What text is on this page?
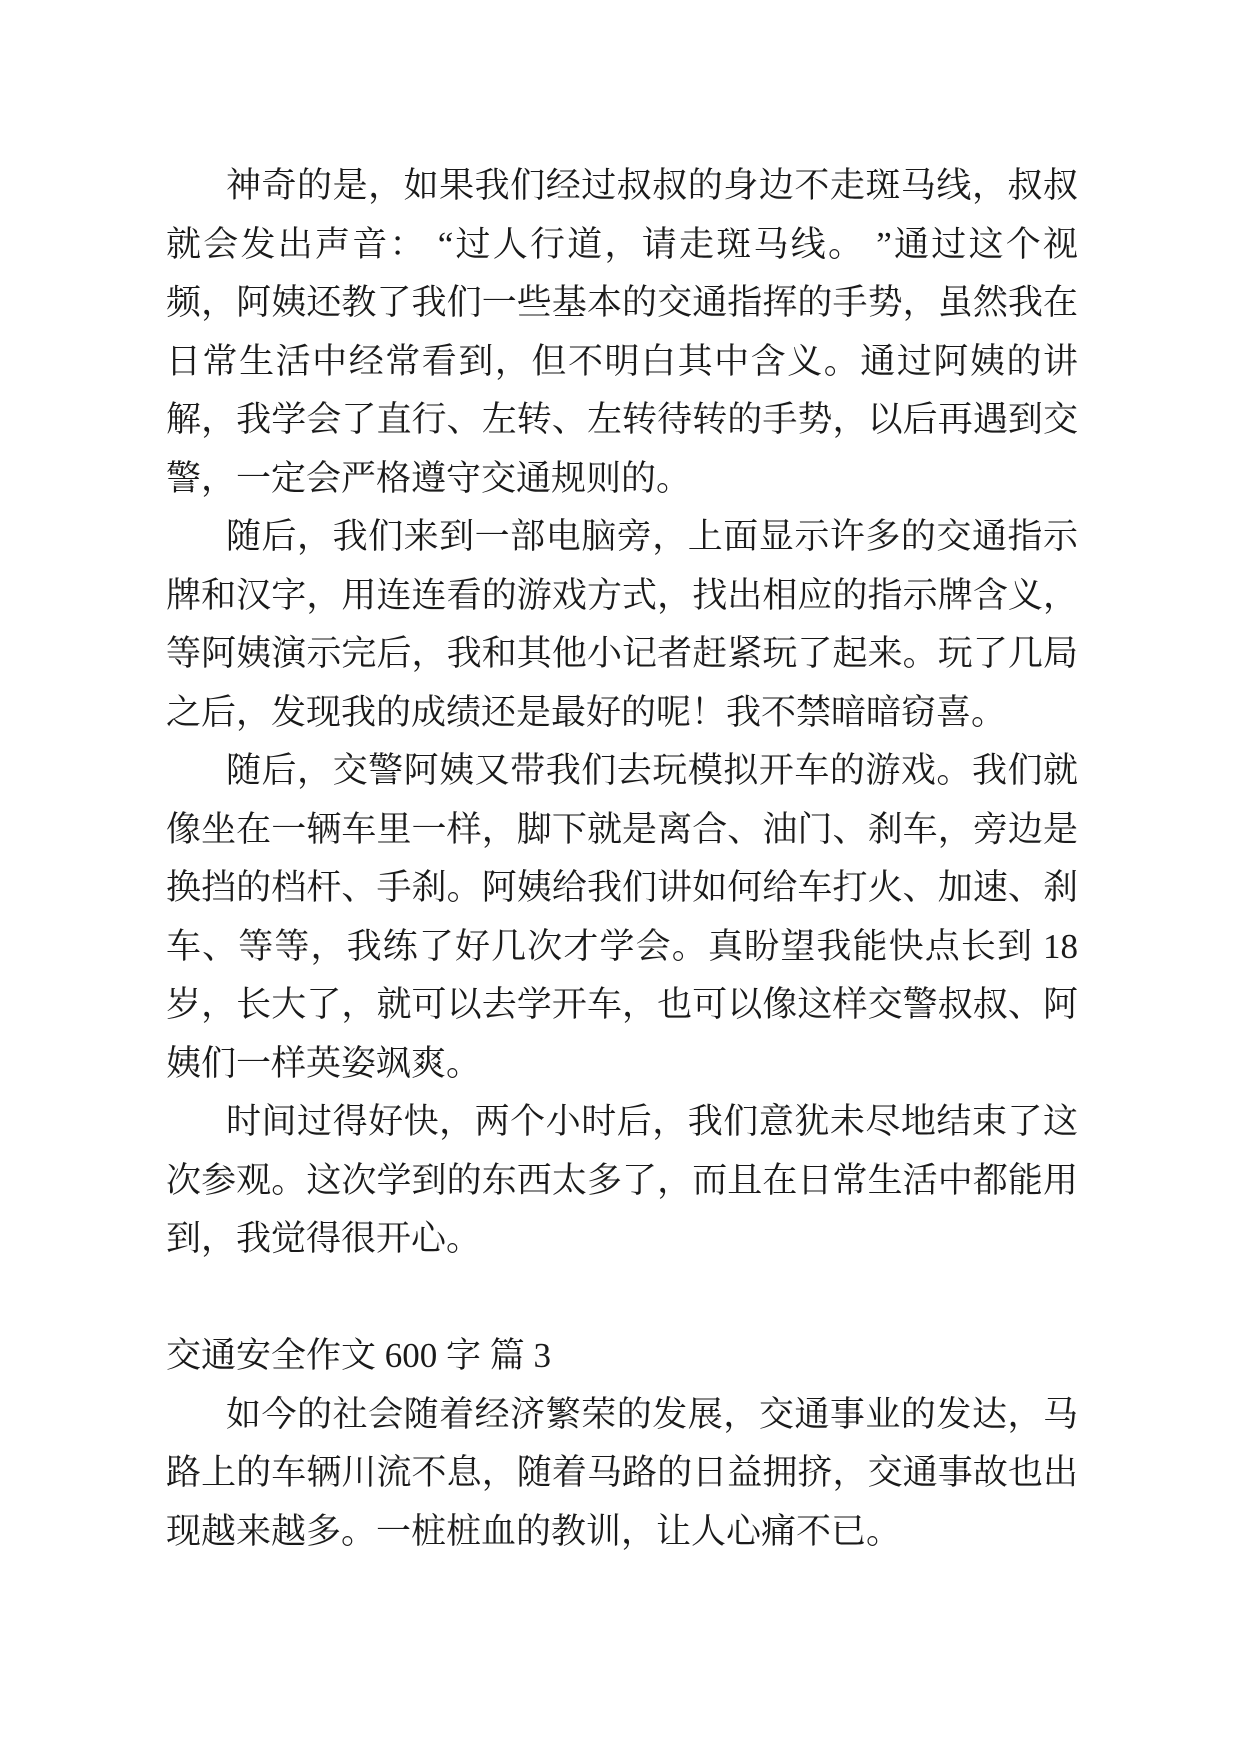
神奇的是，如果我们经过叔叔的身边不走斑马线，叔叔就会发出声音： “过人行道，请走斑马线。 ”通过这个视频，阿姨还教了我们一些基本的交通指挥的手势，虽然我在日常生活中经常看到，但不明白其中含义。通过阿姨的讲解，我学会了直行、左转、左转待转的手势，以后再遇到交警，一定会严格遵守交通规则的。

随后，我们来到一部电脑旁，上面显示许多的交通指示牌和汉字，用连连看的游戏方式，找出相应的指示牌含义，等阿姨演示完后，我和其他小记者赶紧玩了起来。玩了几局之后，发现我的成绩还是最好的呢！我不禁暗暗窃喜。

随后，交警阿姨又带我们去玩模拟开车的游戏。我们就像坐在一辆车里一样，脚下就是离合、油门、刹车，旁边是换挡的档杆、手刹。阿姨给我们讲如何给车打火、加速、刹车、等等，我练了好几次才学会。真盼望我能快点长到 18 岁，长大了，就可以去学开车，也可以像这样交警叔叔、阿姨们一样英姿飒爽。

时间过得好快，两个小时后，我们意犹未尽地结束了这次参观。这次学到的东西太多了，而且在日常生活中都能用到，我觉得很开心。

交通安全作文 600 字 篇 3

如今的社会随着经济繁荣的发展，交通事业的发达，马路上的车辆川流不息，随着马路的日益拥挤，交通事故也出现越来越多。一桩桩血的教训，让人心痛不已。
